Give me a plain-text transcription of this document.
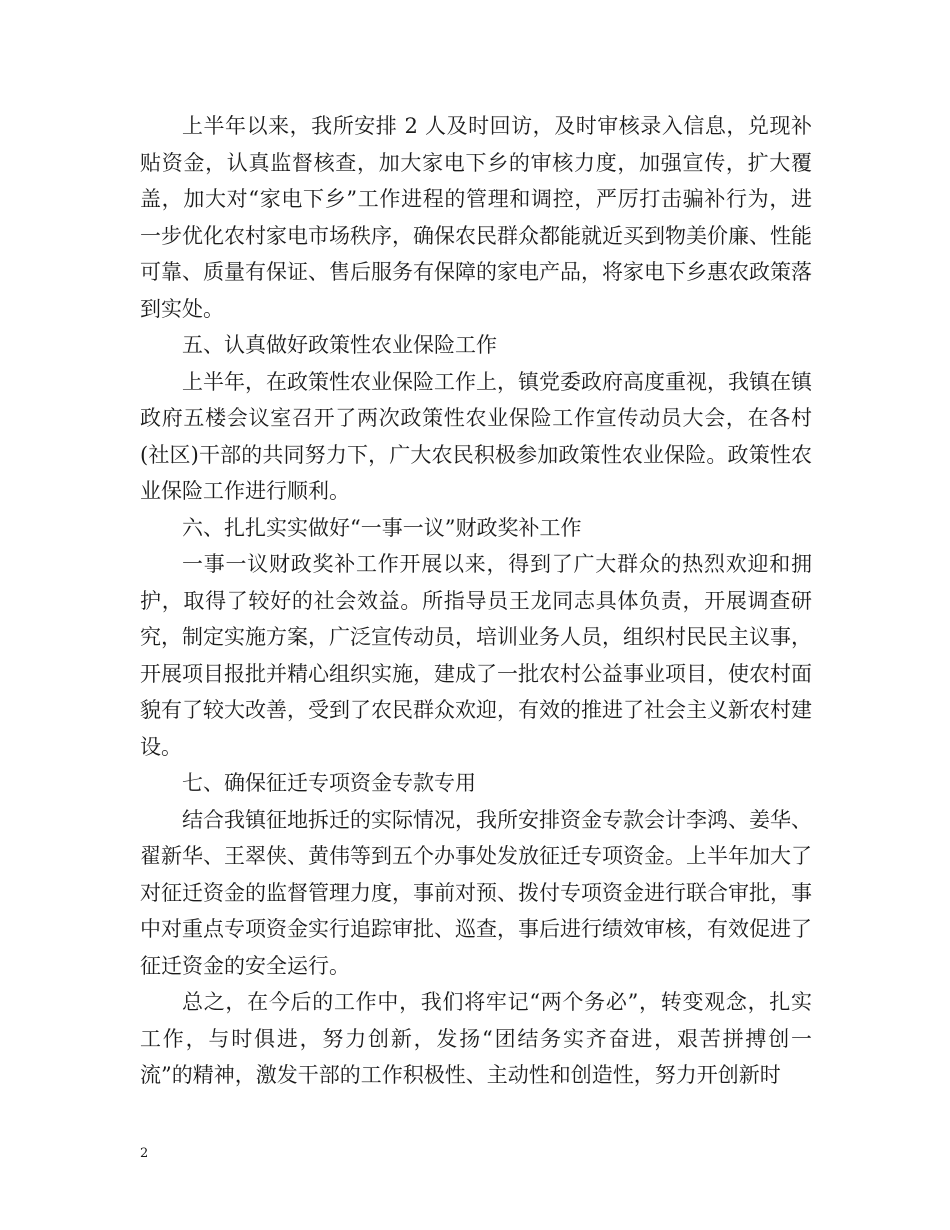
上半年以来，我所安排 2 人及时回访，及时审核录入信息，兑现补贴资金，认真监督核查，加大家电下乡的审核力度，加强宣传，扩大覆盖，加大对“家电下乡”工作进程的管理和调控，严厉打击骗补行为，进一步优化农村家电市场秩序，确保农民群众都能就近买到物美价廉、性能可靠、质量有保证、售后服务有保障的家电产品，将家电下乡惠农政策落到实处。

五、认真做好政策性农业保险工作

上半年，在政策性农业保险工作上，镇党委政府高度重视，我镇在镇政府五楼会议室召开了两次政策性农业保险工作宣传动员大会，在各村(社区)干部的共同努力下，广大农民积极参加政策性农业保险。政策性农业保险工作进行顺利。

六、扎扎实实做好“一事一议”财政奖补工作

一事一议财政奖补工作开展以来，得到了广大群众的热烈欢迎和拥护，取得了较好的社会效益。所指导员王龙同志具体负责，开展调查研究，制定实施方案，广泛宣传动员，培训业务人员，组织村民民主议事，开展项目报批并精心组织实施，建成了一批农村公益事业项目，使农村面貌有了较大改善，受到了农民群众欢迎，有效的推进了社会主义新农村建设。

七、确保征迁专项资金专款专用

结合我镇征地拆迁的实际情况，我所安排资金专款会计李鸿、姜华、翟新华、王翠侠、黄伟等到五个办事处发放征迁专项资金。上半年加大了对征迁资金的监督管理力度，事前对预、拨付专项资金进行联合审批，事中对重点专项资金实行追踪审批、巡查，事后进行绩效审核，有效促进了征迁资金的安全运行。

总之，在今后的工作中，我们将牢记“两个务必”，转变观念，扎实工作，与时俱进，努力创新，发扬“团结务实齐奋进，艰苦拼搏创一流”的精神，激发干部的工作积极性、主动性和创造性，努力开创新时

2
